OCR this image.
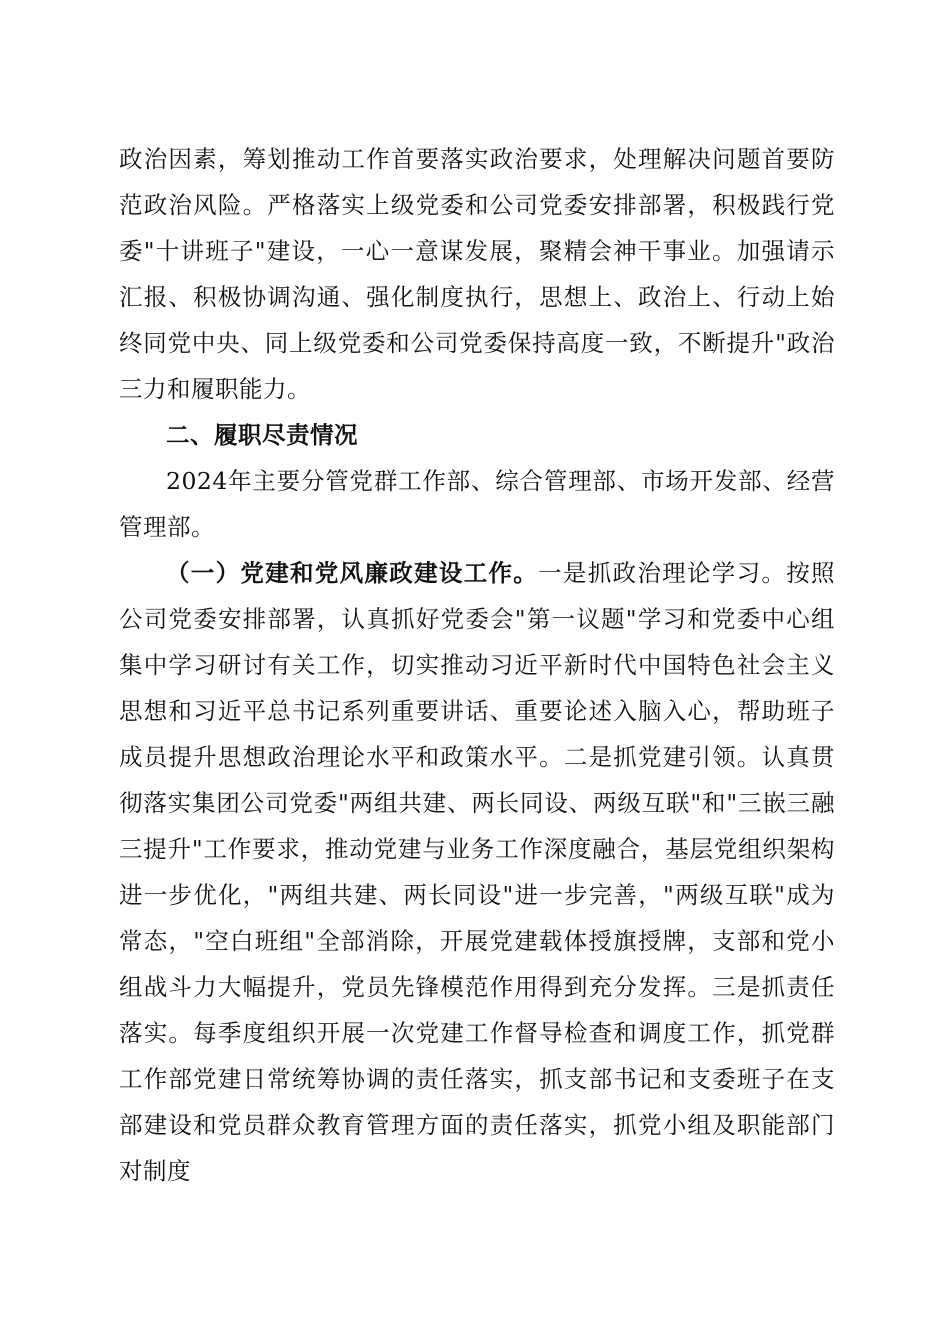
政治因素，筹划推动工作首要落实政治要求，处理解决问题首要防范政治风险。严格落实上级党委和公司党委安排部署，积极践行党委"十讲班子"建设，一心一意谋发展，聚精会神干事业。加强请示汇报、积极协调沟通、强化制度执行，思想上、政治上、行动上始终同党中央、同上级党委和公司党委保持高度一致，不断提升"政治三力和履职能力。

二、履职尽责情况

2024年主要分管党群工作部、综合管理部、市场开发部、经营管理部。

（一）党建和党风廉政建设工作。一是抓政治理论学习。按照公司党委安排部署，认真抓好党委会"第一议题"学习和党委中心组集中学习研讨有关工作，切实推动习近平新时代中国特色社会主义思想和习近平总书记系列重要讲话、重要论述入脑入心，帮助班子成员提升思想政治理论水平和政策水平。二是抓党建引领。认真贯彻落实集团公司党委"两组共建、两长同设、两级互联"和"三嵌三融三提升"工作要求，推动党建与业务工作深度融合，基层党组织架构进一步优化，"两组共建、两长同设"进一步完善，"两级互联"成为常态，"空白班组"全部消除，开展党建载体授旗授牌，支部和党小组战斗力大幅提升，党员先锋模范作用得到充分发挥。三是抓责任落实。每季度组织开展一次党建工作督导检查和调度工作，抓党群工作部党建日常统筹协调的责任落实，抓支部书记和支委班子在支部建设和党员群众教育管理方面的责任落实，抓党小组及职能部门对制度
